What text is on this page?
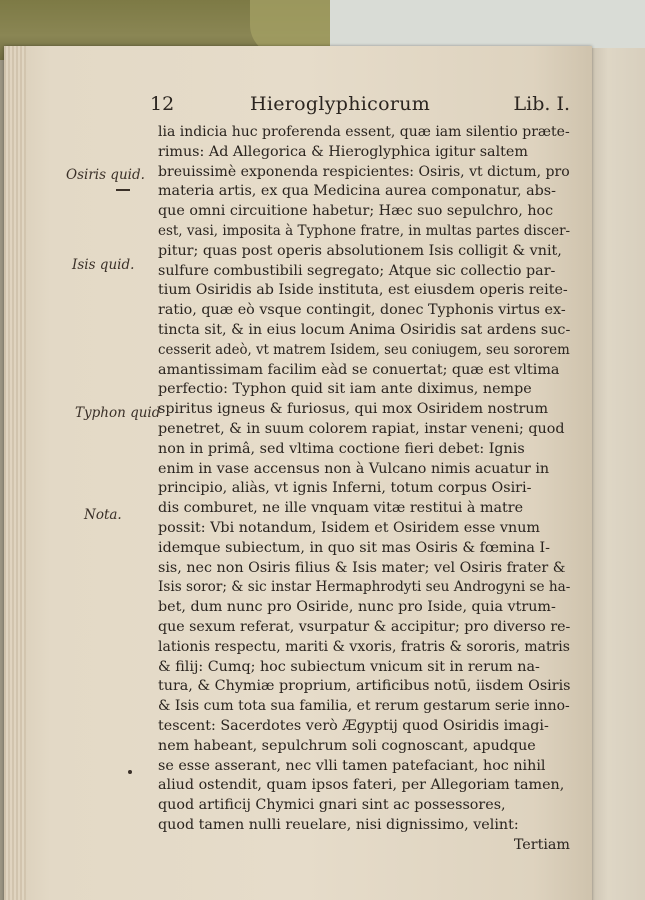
12	Hieroglyphicorum	Lib. I.
Osiris quid.
Isis quid.
Typhon quid
Nota.
lia indicia huc proferenda essent, quæ iam silentio præte-
rimus: Ad Allegorica & Hieroglyphica igitur saltem
breuissimè exponenda respicientes: Osiris, vt dictum, pro
materia artis, ex qua Medicina aurea componatur, abs-
que omni circuitione habetur; Hæc suo sepulchro, hoc
est, vasi, imposita à Typhone fratre, in multas partes discer-
pitur; quas post operis absolutionem Isis colligit & vnit,
sulfure combustibili segregato; Atque sic collectio par-
tium Osiridis ab Iside instituta, est eiusdem operis reite-
ratio, quæ eò vsque contingit, donec Typhonis virtus ex-
tincta sit, & in eius locum Anima Osiridis sat ardens suc-
cesserit adeò, vt matrem Isidem, seu coniugem, seu sororem
amantissimam facilim eàd se conuertat; quæ est vltima
perfectio: Typhon quid sit iam ante diximus, nempe
spiritus igneus & furiosus, qui mox Osiridem nostrum
penetret, & in suum colorem rapiat, instar veneni; quod
non in primâ, sed vltima coctione fieri debet: Ignis
enim in vase accensus non à Vulcano nimis acuatur in
principio, aliàs, vt ignis Inferni, totum corpus Osiri-
dis comburet, ne ille vnquam vitæ restitui à matre
possit: Vbi notandum, Isidem et Osiridem esse vnum
idemque subiectum, in quo sit mas Osiris & fœmina I-
sis, nec non Osiris filius & Isis mater; vel Osiris frater &
Isis soror; & sic instar Hermaphrodyti seu Androgyni se ha-
bet, dum nunc pro Osiride, nunc pro Iside, quia vtrum-
que sexum referat, vsurpatur & accipitur; pro diverso re-
lationis respectu, mariti & vxoris, fratris & sororis, matris
& filij: Cumq; hoc subiectum vnicum sit in rerum na-
tura, & Chymiæ proprium, artificibus notū, iisdem Osiris
& Isis cum tota sua familia, et rerum gestarum serie inno-
tescent: Sacerdotes verò Ægyptij quod Osiridis imagi-
nem habeant, sepulchrum soli cognoscant, apudque
se esse asserant, nec vlli tamen patefaciant, hoc nihil
aliud ostendit, quam ipsos fateri, per Allegoriam tamen,
quod artificij Chymici gnari sint ac possessores,
quod tamen nulli reuelare, nisi dignissimo, velint:
Tertiam
